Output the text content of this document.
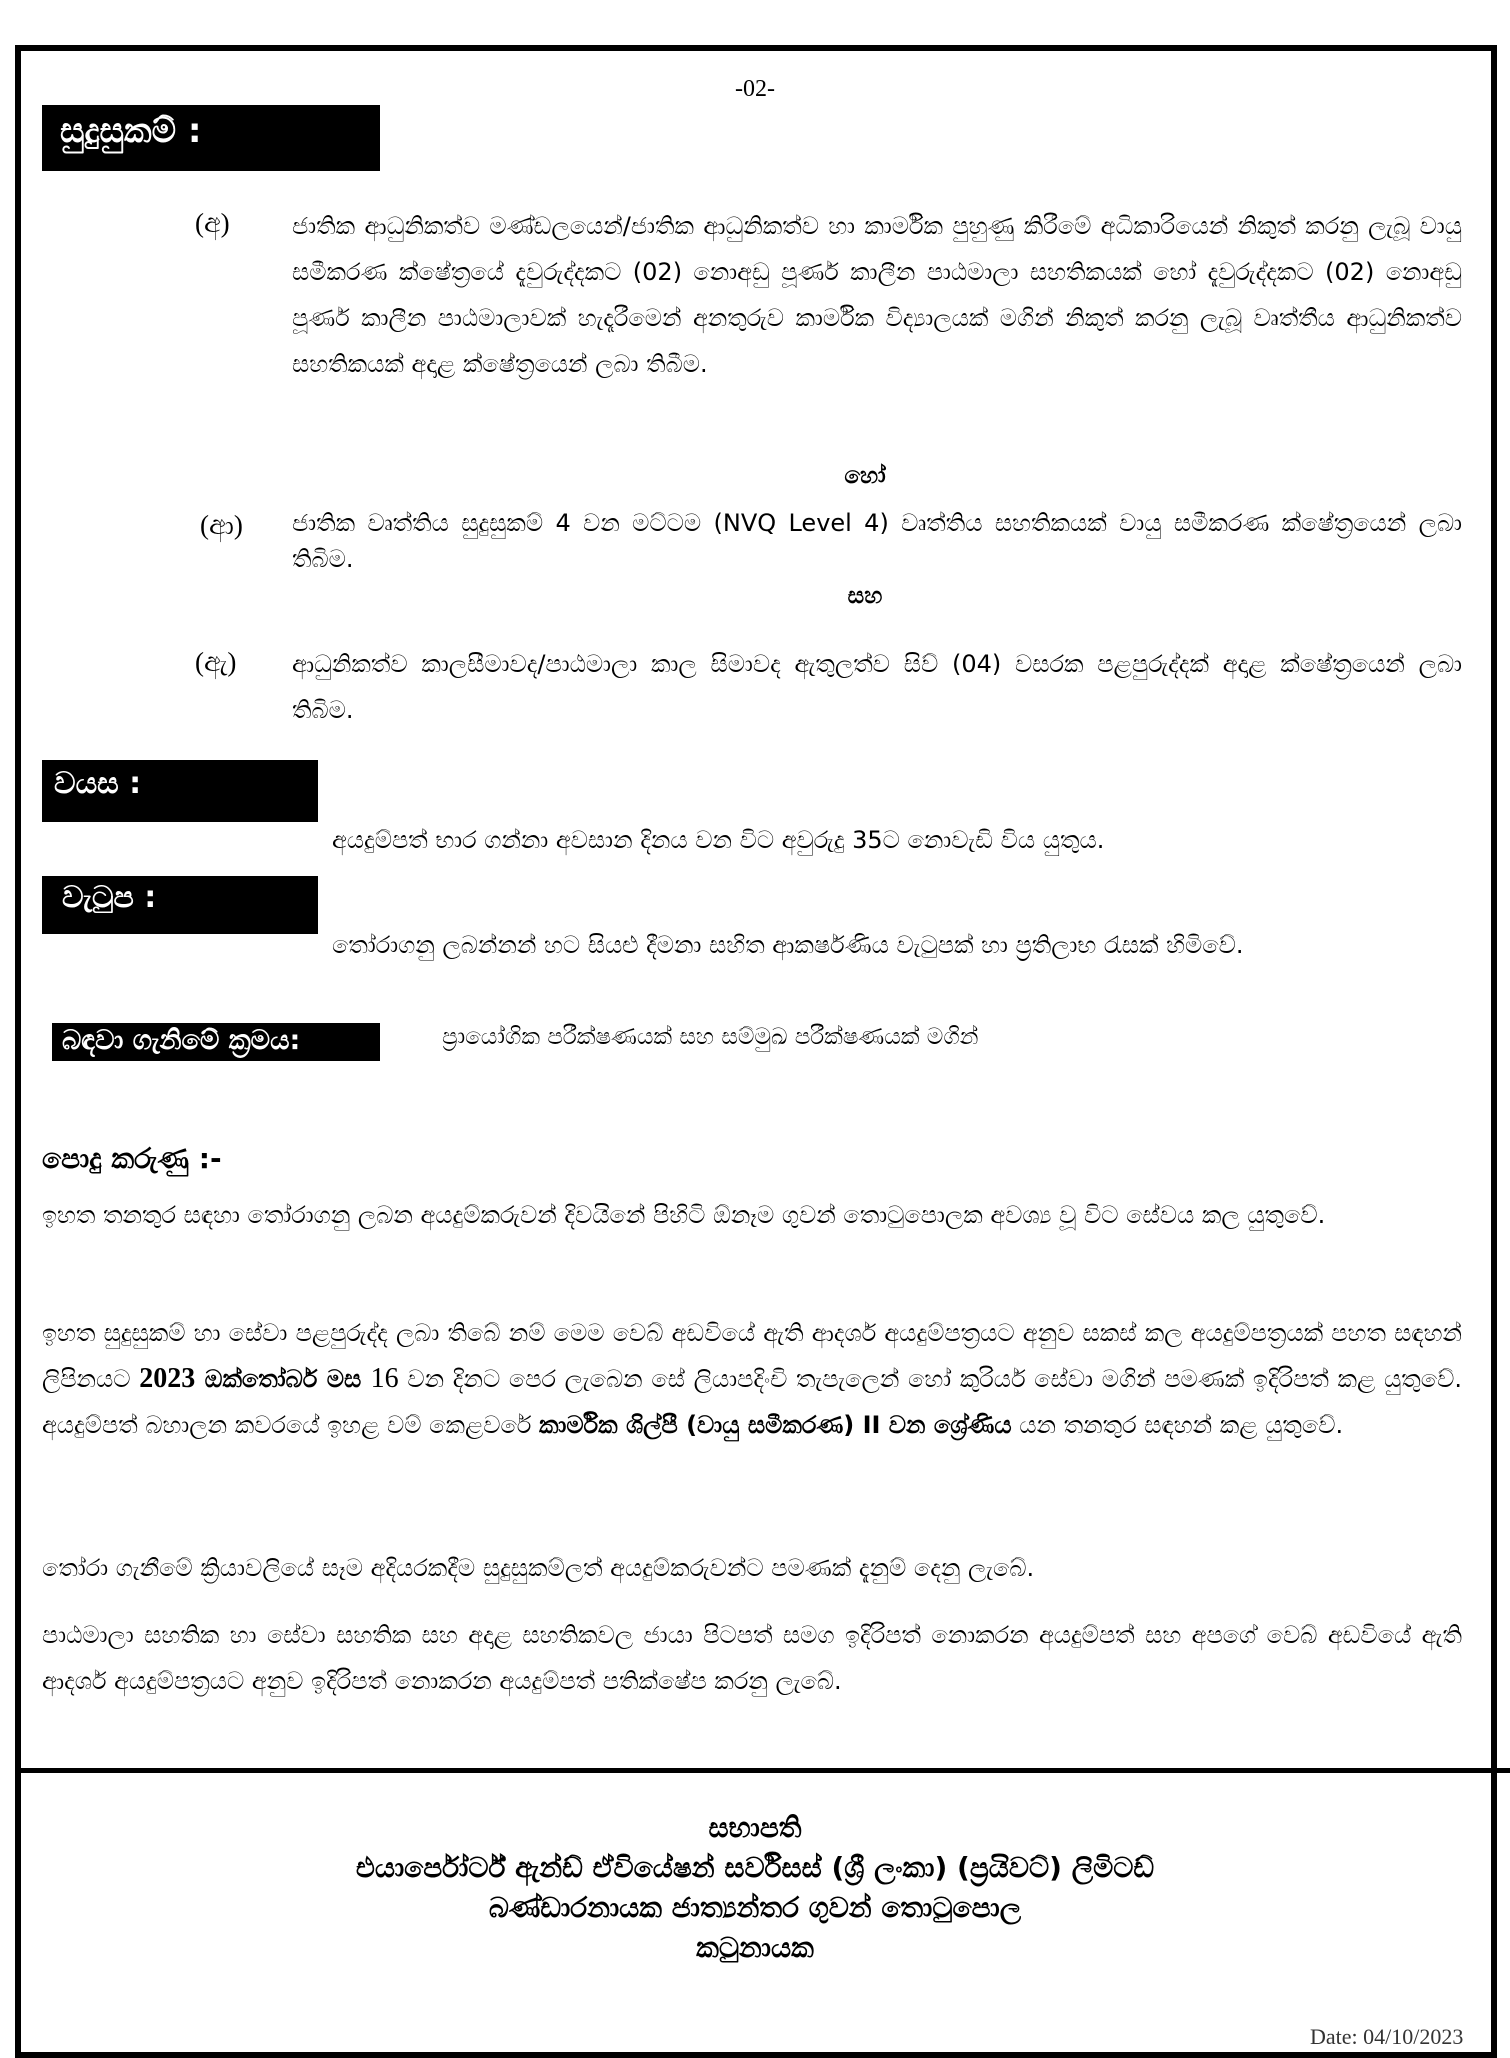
-02-
සුදුසුකම් :
(අ)	ජාතික ආධුනිකත්ව මණ්ඩලයෙන්/ජාතික ආධුනිකත්ව හා කාර්මික පුහුණු කිරීමේ අධිකාරියෙන් නිකුත් කරනු ලැබූ වායු සමීකරණ ක්ෂේත්‍රයේ දැවුරුද්දකට (02) නොඅඩු පූර්ණ කාලීන පාඨමාලා සහතිකයක් හෝ දැවුරුද්දකට (02) නොඅඩු පූර්ණ කාලීන පාඨමාලාවක් හැදෑරීමෙන් අනතුරුව කාර්මික විද්‍යාලයක් මගින් නිකුත් කරනු ලැබූ වෘත්තීය ආධුනිකත්ව සහතිකයක් අදාළ ක්ෂේත්‍රයෙන් ලබා තිබීම.
හෝ
(ආ) ජාතික වෘත්තිය සුදුසුකම් 4 වන මට්ටම (NVQ Level 4) වෘත්තිය සහතිකයක් වායු සමීකරණ ක්ෂේත්‍රයෙන් ලබා තිබිම.
සහ
(ඇ) ආධුනිකත්ව කාලසීමාවද/පාඨමාලා කාල සිමාවද ඇතුලත්ව සිව් (04) වසරක පළපුරුද්දක් අදාළ ක්ෂේත්‍රයෙන් ලබා තිබිම.
වයස :
අයදුම්පත් භාර ගන්නා අවසාන දිනය වන විට අවුරුදු 35ට නොවැඩි විය යුතුය.
වැටුප :
තෝරාගනු ලබන්නන් හට සියළු දීමනා සහිත ආකර්ෂණිය වැටුපක් හා ප්‍රතිලාභ රැසක් හිමිවේ.
බඳවා ගැනිමේ ක්‍රමය:	ප්‍රායෝගික පරීක්ෂණයක් සහ සම්මුඛ පරීක්ෂණයක් මගින්
පොදු කරුණු :-
ඉහත තනතුර සඳහා තෝරාගනු ලබන අයදුම්කරුවන් දිවයිනේ පිහිටි ඕනෑම ගුවන් තොටුපොලක අවශ්‍ය වූ විට සේවය කල යුතුවේ.
ඉහත සුදුසුකම් හා සේවා පළපුරුද්ද ලබා තිබේ නම් මෙම වෙබ් අඩවියේ ඇති ආදර්ශ අයදුම්පත්‍රයට අනුව සකස් කල අයදුම්පත්‍රයක් පහත සඳහන් ලිපිනයට 2023 ඔක්තෝබර් මස 16 වන දිනට පෙර ලැබෙන සේ ලියාපදිංචි තැපැලෙන් හෝ කුරියර් සේවා මගින් පමණක් ඉදිරිපත් කළ යුතුවේ. අයදුම්පත් බහාලන කවරයේ ඉහළ වම් කෙළවරේ කාර්මික ශිල්පී (වායු සමීකරණ) II වන ශ්‍රේණිය යන තනතුර සඳහන් කළ යුතුවේ.
තෝරා ගැනීමේ ක්‍රියාවලියේ සෑම අදියරකදීම සුදුසුකම්ලත් අයදුම්කරුවන්ට පමණක් දැනුම් දෙනු ලැබේ.
පාඨමාලා සහතික හා සේවා සහතික සහ අදාළ සහතිකවල ජායා පිටපත් සමග ඉදිරිපත් නොකරන අයදුම්පත් සහ අපගේ වෙබ් අඩවියේ ඇති ආදර්ශ අයදුම්පත්‍රයට අනුව ඉදිරිපත් නොකරන අයදුම්පත් පතික්ෂේප කරනු ලැබේ.
සභාපති
එයාර්පෝර්ට් ඇන්ඩ් ඒවියේෂන් සර්විසස් (ශ්‍රී ලංකා) (ප්‍රයිවට්) ලිමිටඩ්
බණ්ඩාරනායක ජාත්‍යන්තර ගුවන් තොටුපොල
කටුනායක
Date: 04/10/2023
